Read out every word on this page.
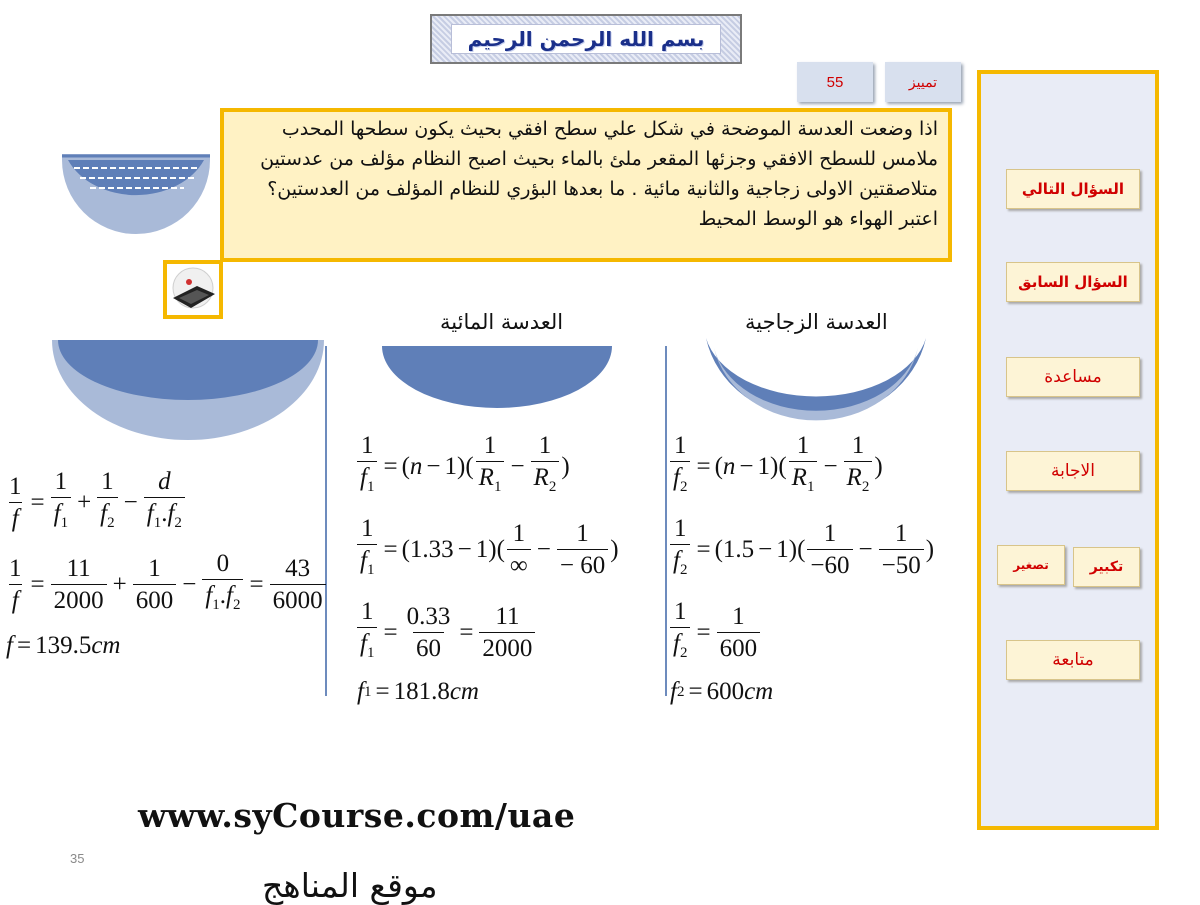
بسم الله الرحمن الرحيم
55	تمييز
السؤال التالي
السؤال السابق
مساعدة
الاجابة
تكبير
تصغير
متابعة
اذا وضعت العدسة الموضحة في شكل علي سطح افقي بحيث يكون سطحها المحدب ملامس للسطح الافقي وجزئها المقعر ملئ بالماء بحيث اصبح النظام مؤلف من عدستين متلاصقتين الاولى زجاجية والثانية مائية . ما بعدها البؤري للنظام المؤلف من العدستين؟ اعتبر الهواء هو الوسط المحيط
العدسة الزجاجية
العدسة المائية
$\frac{1}{f_2}$ = ( n − 1 )( $\frac{1}{R_1} - \frac{1}{R_2}$ )
$\frac{1}{f_2}$ = ( 1.5 − 1 )( $\frac{1}{-60} - \frac{1}{-50}$ )
$\frac{1}{f_2} = \frac{1}{600}$
f 2 = 600 cm
$\frac{1}{f_1}$ = ( n − 1 )( $\frac{1}{R_1} - \frac{1}{R_2}$ )
$\frac{1}{f_1}$ = ( 1.33 − 1 )( $\frac{1}{\infty} - \frac{1}{- 60}$ )
$\frac{1}{f_1} = \frac{0.33}{60} = \frac{11}{2000}$
f 1 = 181.8 cm
$\frac{1}{f} = \frac{1}{f_1} + \frac{1}{f_2} - \frac{d}{f_1.f_2}$
$\frac{1}{f} = \frac{11}{2000} + \frac{1}{600} - \frac{0}{f_1.f_2} = \frac{43}{6000}$
f = 139.5 cm
www.syCourse.com/uae
35
موقع المناهج
